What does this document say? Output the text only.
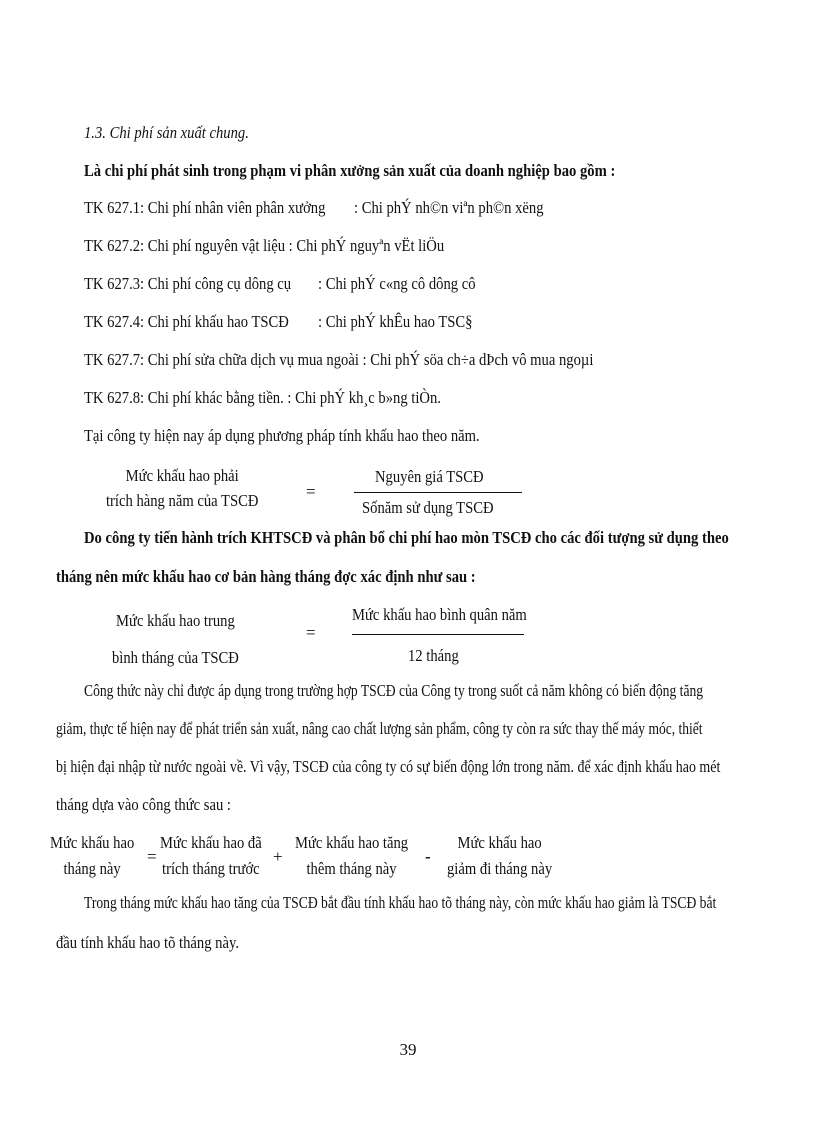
1.3. Chi phí sản xuất chung.
Là chi phí phát sinh trong phạm vi phân xưởng sản xuất của doanh nghiệp bao gồm :
TK 627.1: Chi phí nhân viên phân xưởng : Chi phÝ nh©n viªn ph©n xëng
TK 627.2: Chi phí nguyên vật liệu : Chi phÝ nguyªn vËt liÖu
TK 627.3: Chi phí công cụ dông cụ : Chi phÝ c«ng cô dông cô
TK 627.4: Chi phí khấu hao TSCĐ : Chi phÝ khÊu hao TSC§
TK 627.7: Chi phí sửa chữa dịch vụ mua ngoài : Chi phÝ söa ch÷a dÞch vô mua ngoµi
TK 627.8: Chi phí khác bằng tiền. : Chi phÝ kh¸c b»ng tiÒn.
Tại công ty hiện nay áp dụng phương pháp tính khấu hao theo năm.
Mức khấu hao phải
trích hàng năm của TSCĐ	=
Nguyên giá TSCĐ
Sốnăm sử dụng TSCĐ
Do công ty tiến hành trích KHTSCĐ và phân bổ chi phí hao mòn TSCĐ cho các đối tượng sử dụng theo
tháng nên mức khấu hao cơ bản hàng tháng đợc xác định như sau :
Mức khấu hao trung
bình tháng của TSCĐ
=
Mức khấu hao bình quân năm
12 tháng
Công thức này chỉ được áp dụng trong trường hợp TSCĐ của Công ty trong suốt cả năm không có biến động tăng
giảm, thực tế hiện nay để phát triển sản xuất, nâng cao chất lượng sản phẩm, công ty còn ra sức thay thế máy móc, thiết
bị hiện đại nhập từ nước ngoài về. Vì vậy, TSCĐ của công ty có sự biến động lớn trong năm. để xác định khấu hao mét
tháng dựa vào công thức sau :
Mức khấu hao
tháng này
=
Mức khấu hao đã
trích tháng trước
+
Mức khấu hao tăng
thêm tháng này
-
Mức khấu hao
giảm đi tháng này
Trong tháng mức khấu hao tăng của TSCĐ bắt đầu tính khấu hao tõ tháng này, còn mức khấu hao giảm là TSCĐ bắt
đầu tính khấu hao tõ tháng này.
39
